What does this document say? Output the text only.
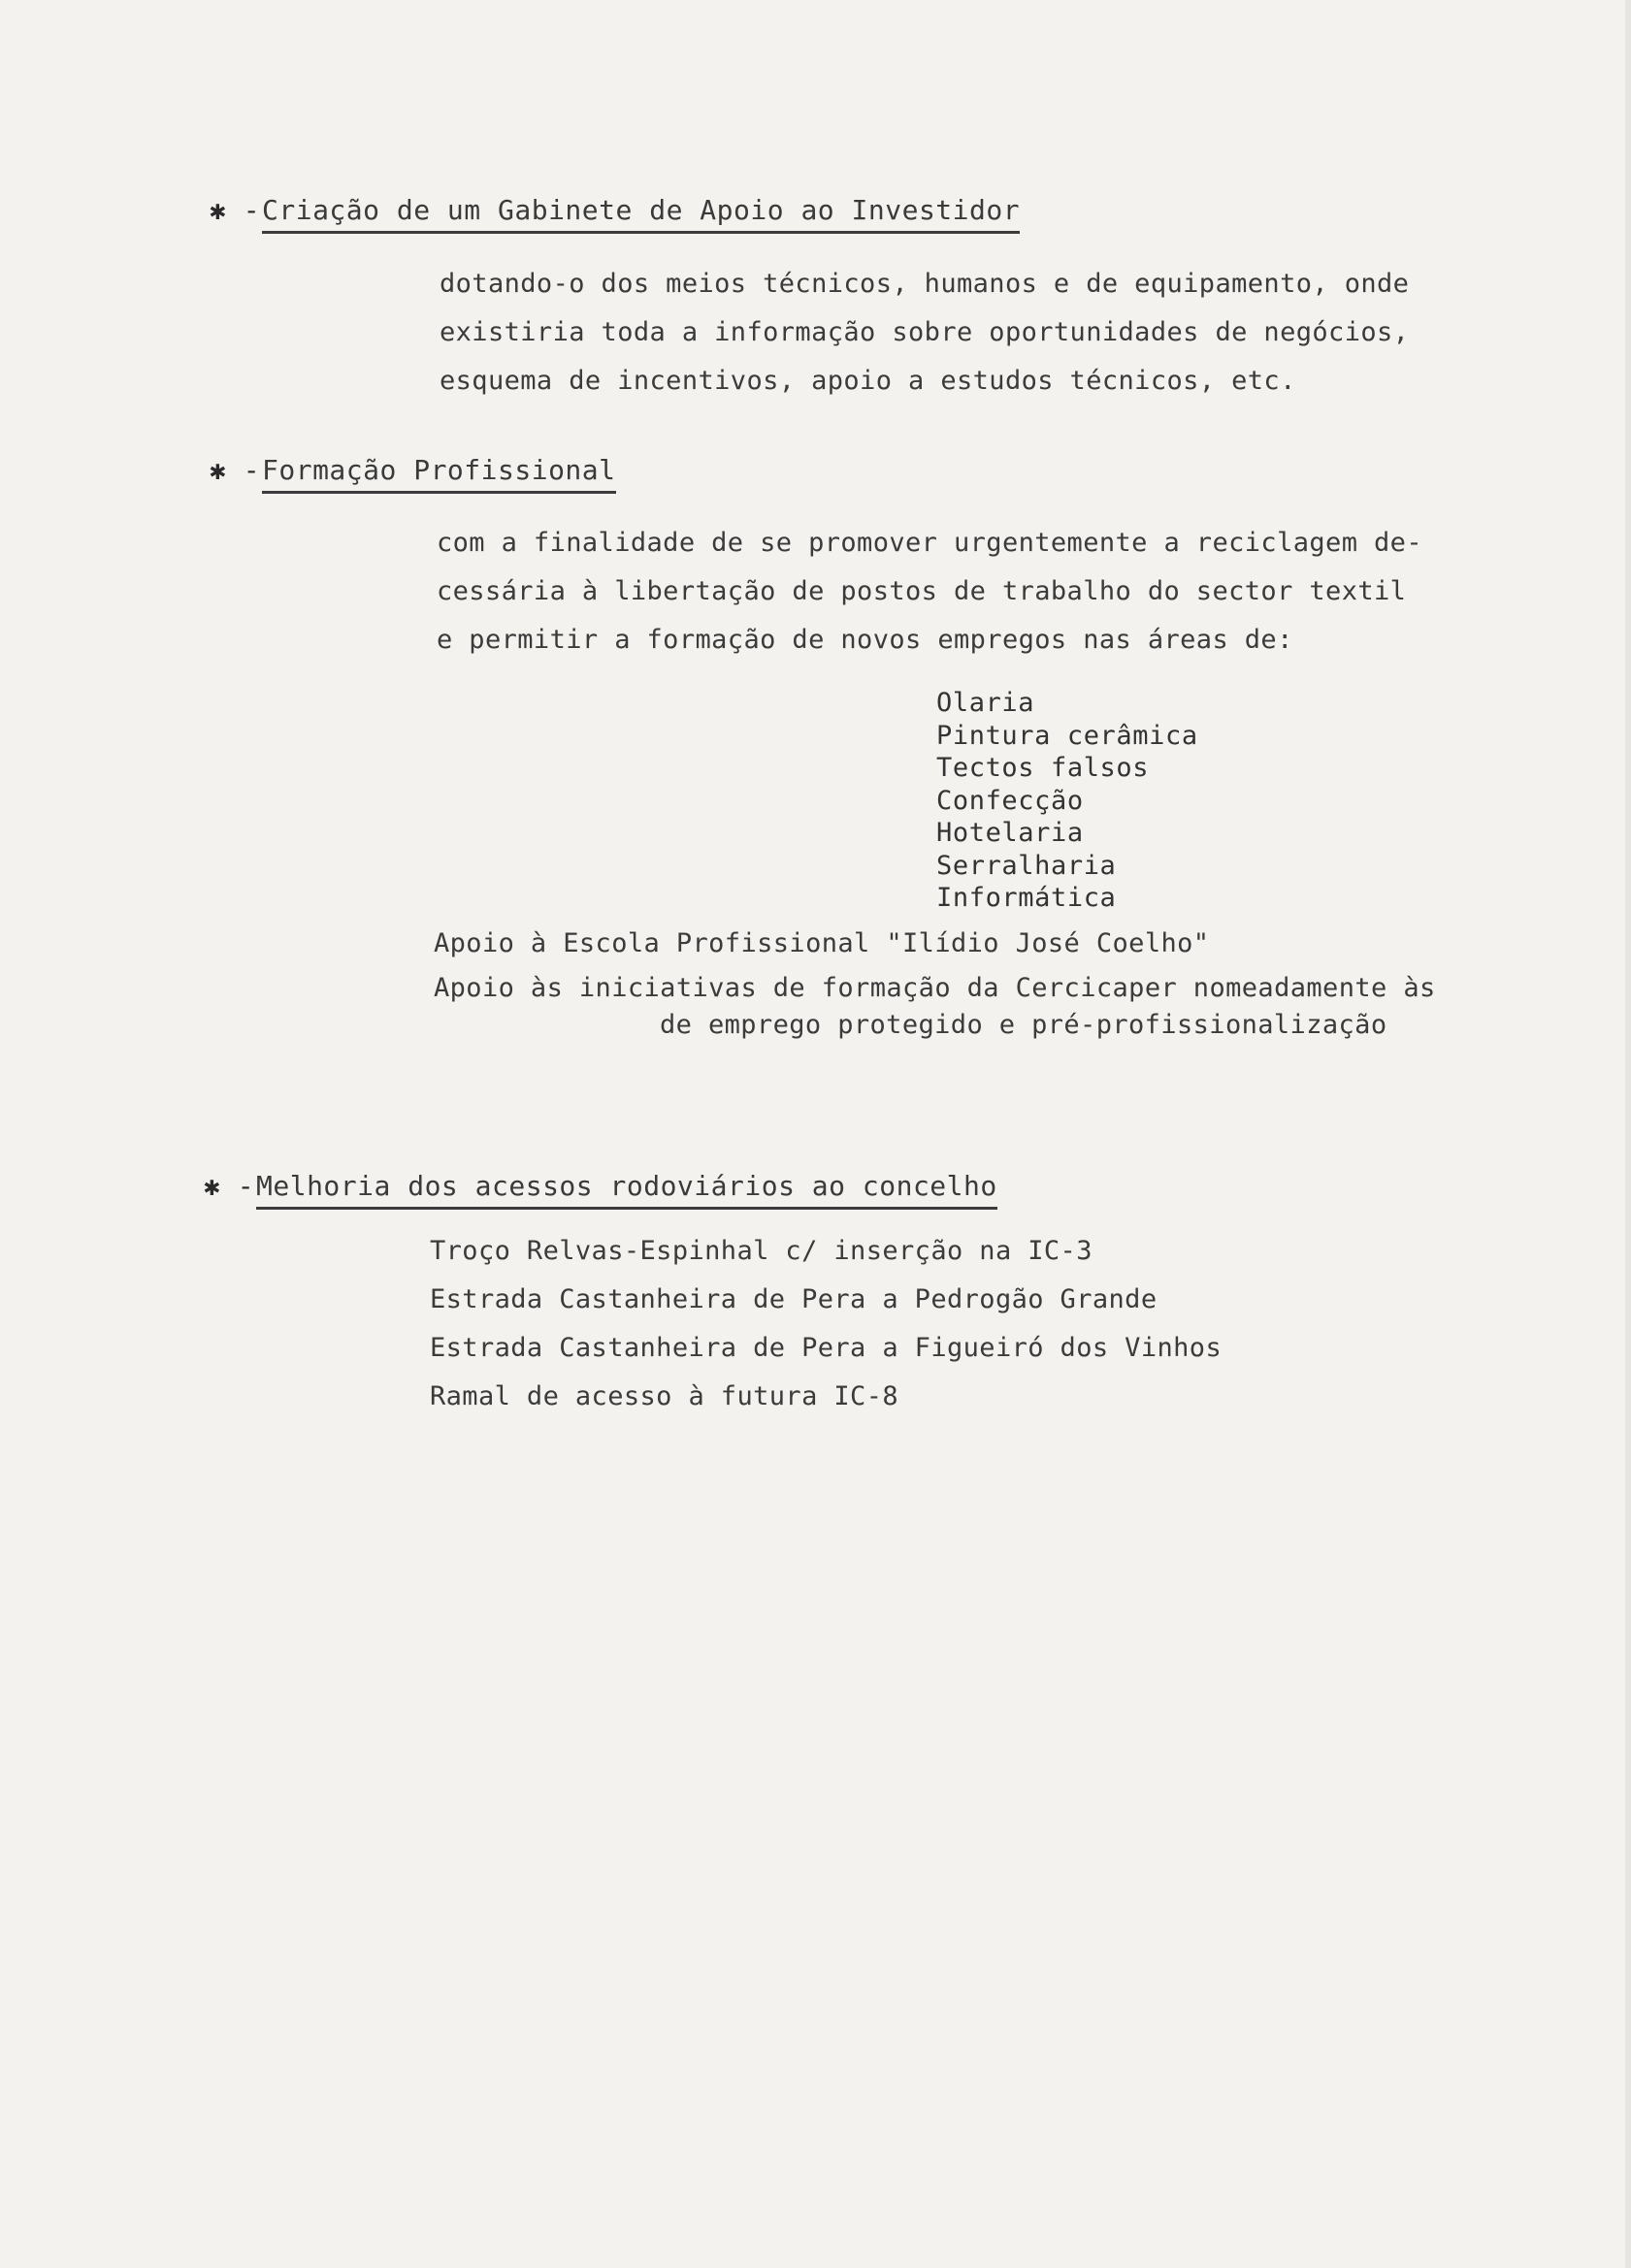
✱ -Criação de um Gabinete de Apoio ao Investidor
dotando-o dos meios técnicos, humanos e de equipamento, onde
existiria toda a informação sobre oportunidades de negócios,
esquema de incentivos, apoio a estudos técnicos, etc.
✱ -Formação Profissional
com a finalidade de se promover urgentemente a reciclagem de-
cessária à libertação de postos de trabalho do sector textil
e permitir a formação de novos empregos nas áreas de:
Olaria
Pintura cerâmica
Tectos falsos
Confecção
Hotelaria
Serralharia
Informática
Apoio à Escola Profissional "Ilídio José Coelho"
Apoio às iniciativas de formação da Cercicaper nomeadamente às
de emprego protegido e pré-profissionalização
✱ -Melhoria dos acessos rodoviários ao concelho
Troço Relvas-Espinhal c/ inserção na IC-3
Estrada Castanheira de Pera a Pedrogão Grande
Estrada Castanheira de Pera a Figueiró dos Vinhos
Ramal de acesso à futura IC-8
